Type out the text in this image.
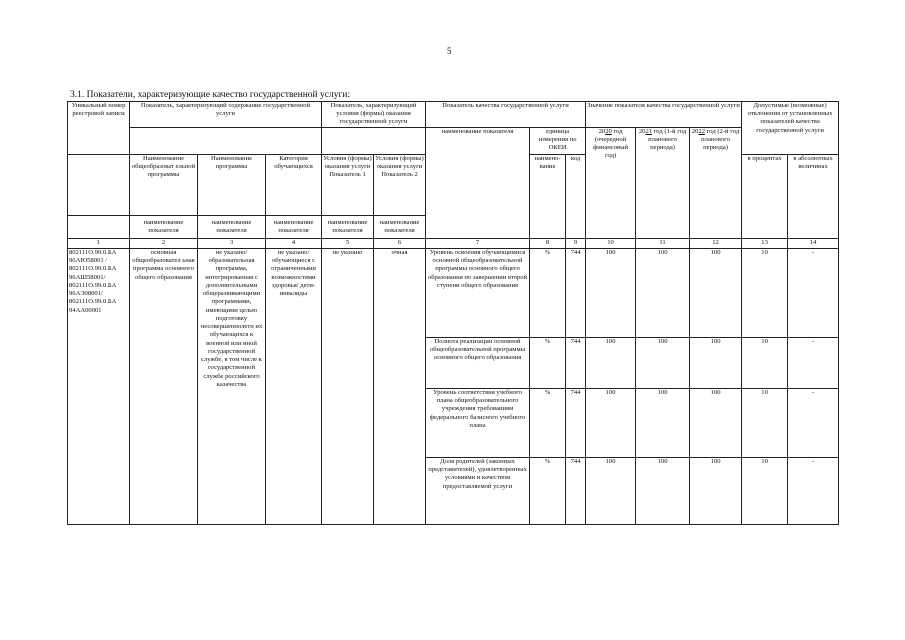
5
3.1. Показатели, характеризующие качество государственной услуги:
Уникальный номер реестровой записи	Показатель, характеризующий содержание государственной услуги			Показатель, характеризующий условия (формы) оказания государственной услуги		Показатель качества государственной услуги			Значение показателя качества государственной услуги			Допустимые (возможные) отклонения от установленных показателей качества государственной услуги	
						наименование показателя	единица измерения по ОКЕИ		2020 год (очередной финансовый год)	2021 год (1-й год планового периода)	2022 год (2-й год планового периода)		
	Наименование общеобразоват ельной программы	Наименование программы	Категория обучающихся	Условия (формы) оказания услуги Показатель 1	Условия (формы) оказания услуги Показатель 2		наимено-вание	код				в процентах	в абсолютных величинах
	наименование показателя	наименование показателя	наименование показателя	наименование показателя	наименование показателя								
1	2	3	4	5	6	7	8	9	10	11	12	13	14
802111О.99.0.БА 96АЮ58001 / 802111О.99.0.БА 96АШ58001/ 802111О.99.0.БА 96АЭ08001/ 802111О.99.0.БА 94АА00001	основная общеобразовател ьная программа основного общего образования	не указано/ образовательная программа, интегрированная с дополнительными общеразвивающими программами, имеющими целью подготовку несовершеннолетн их обучающихся к военной или иной государственной службе, в том числе к государственной службе российского казачества	не указано/ обучающиеся с ограниченными возможностями здоровья/ дети-инвалиды	не указано	очная	Уровень освоения обучающимися основной общеобразовательной программы основного общего образования по завершении второй ступени общего образования	%	744	100	100	100	10	-
						Полнота реализации основной общеобразовательной программы основного общего образования	%	744	100	100	100	10	-
						Уровень соответствия учебного плана общеобразовательного учреждения требованиям федерального базисного учебного плана	%	744	100	100	100	10	-
						Доля родителей (законных представителей), удовлетворенных условиями и качеством предоставляемой услуги	%	744	100	100	100	10	-
